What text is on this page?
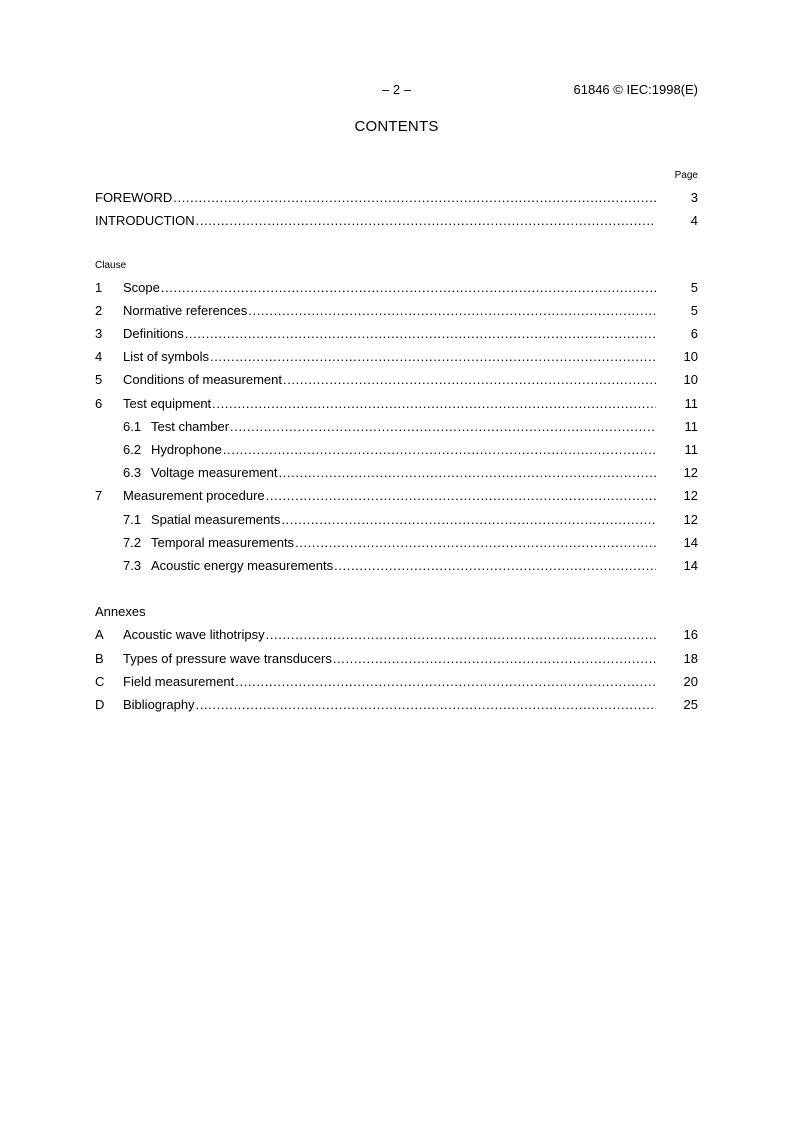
– 2 –	61846 © IEC:1998(E)
CONTENTS
Page
FOREWORD .....	3
INTRODUCTION .....	4
Clause
1	Scope .....	5
2	Normative references .....	5
3	Definitions .....	6
4	List of symbols .....	10
5	Conditions of measurement .....	10
6	Test equipment .....	11
6.1 Test chamber .....	11
6.2 Hydrophone .....	11
6.3 Voltage measurement .....	12
7	Measurement procedure .....	12
7.1 Spatial measurements .....	12
7.2 Temporal measurements .....	14
7.3 Acoustic energy measurements .....	14
Annexes
A	Acoustic wave lithotripsy .....	16
B	Types of pressure wave transducers .....	18
C	Field measurement .....	20
D	Bibliography .....	25
